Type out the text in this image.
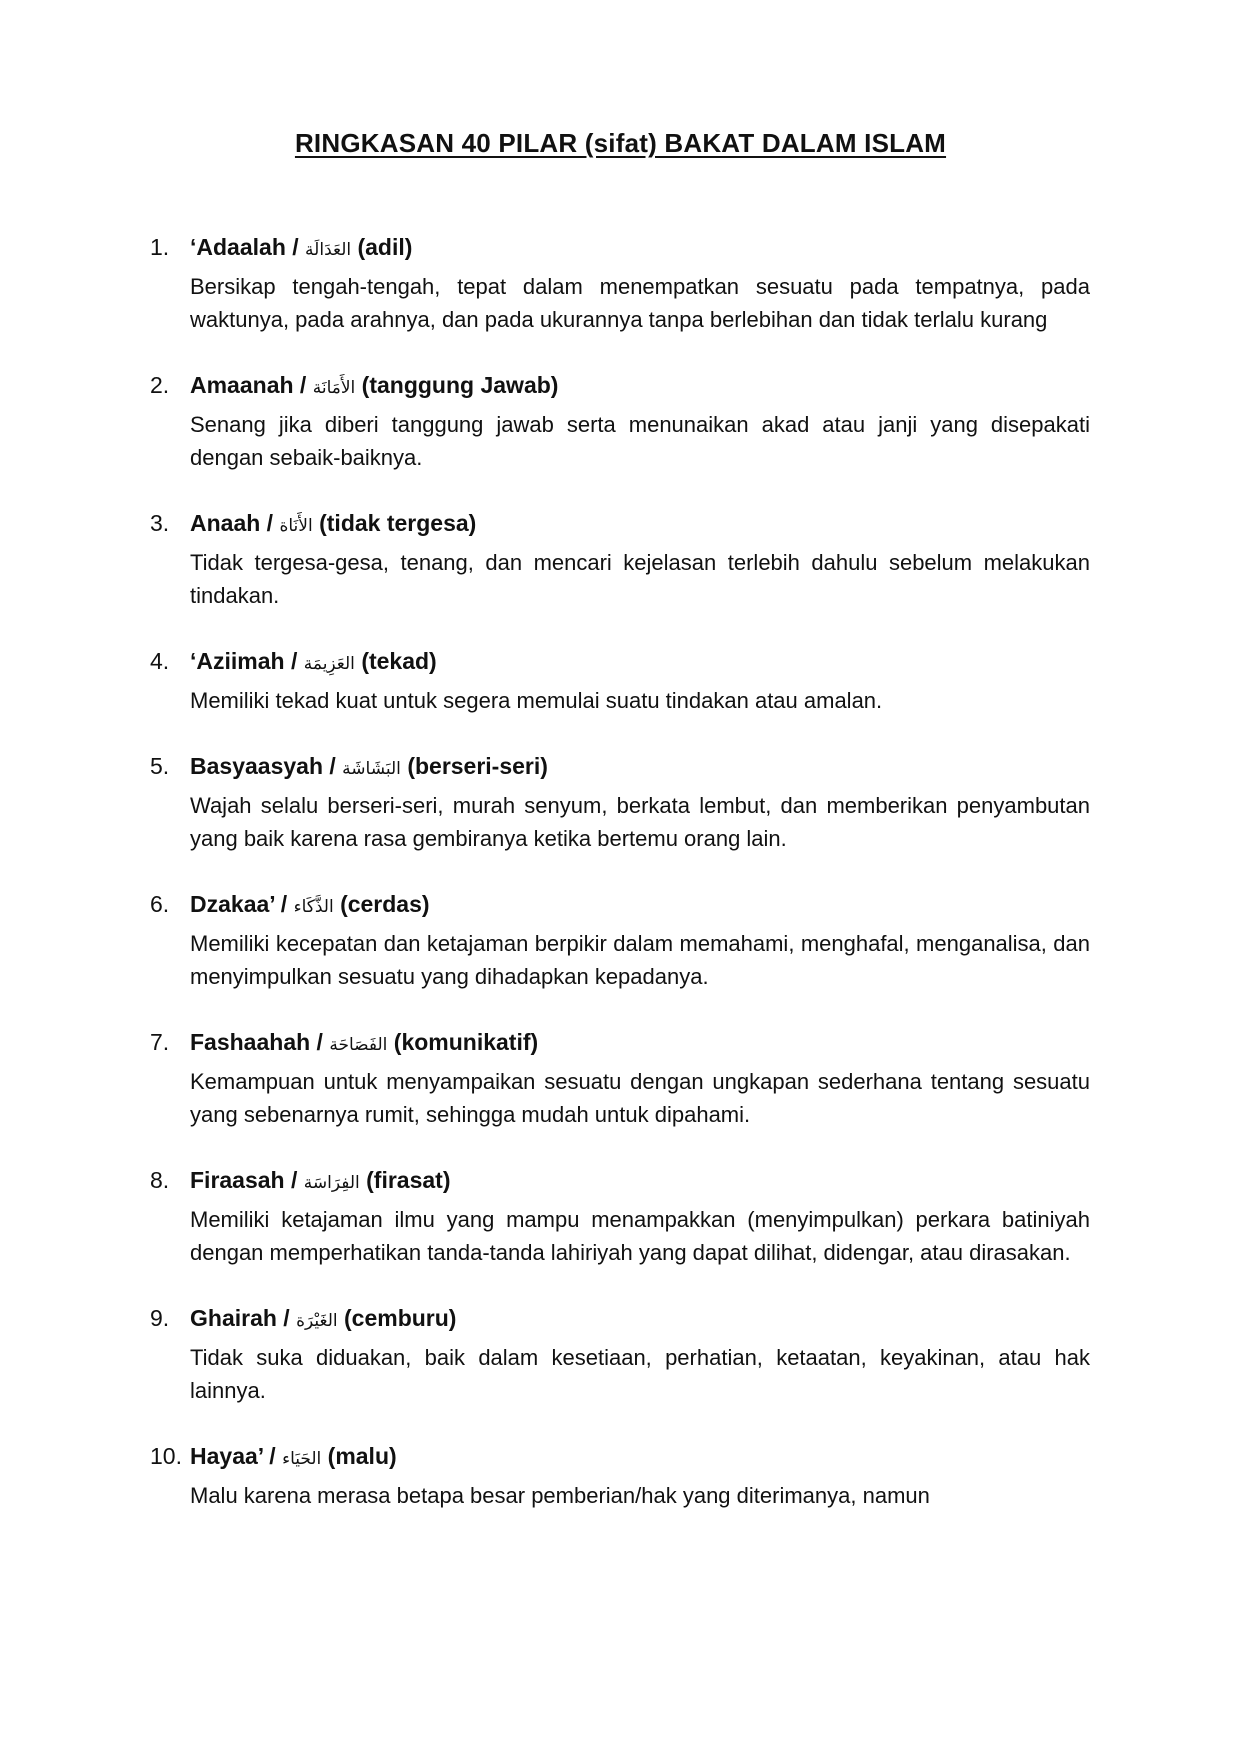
RINGKASAN 40 PILAR (sifat) BAKAT DALAM ISLAM
1. ‘Adaalah / العَدَالَة (adil)
Bersikap tengah-tengah, tepat dalam menempatkan sesuatu pada tempatnya, pada waktunya, pada arahnya, dan pada ukurannya tanpa berlebihan dan tidak terlalu kurang
2. Amaanah / الأَمَانَة (tanggung Jawab)
Senang jika diberi tanggung jawab serta menunaikan akad atau janji yang disepakati dengan sebaik-baiknya.
3. Anaah / الأَنَاة (tidak tergesa)
Tidak tergesa-gesa, tenang, dan mencari kejelasan terlebih dahulu sebelum melakukan tindakan.
4. ‘Aziimah / العَزِيمَة (tekad)
Memiliki tekad kuat untuk segera memulai suatu tindakan atau amalan.
5. Basyaasyah / البَشَاشَة (berseri-seri)
Wajah selalu berseri-seri, murah senyum, berkata lembut, dan memberikan penyambutan yang baik karena rasa gembiranya ketika bertemu orang lain.
6. Dzakaa’ / الذَّكَاء (cerdas)
Memiliki kecepatan dan ketajaman berpikir dalam memahami, menghafal, menganalisa, dan menyimpulkan sesuatu yang dihadapkan kepadanya.
7. Fashaahah / الفَصَاحَة (komunikatif)
Kemampuan untuk menyampaikan sesuatu dengan ungkapan sederhana tentang sesuatu yang sebenarnya rumit, sehingga mudah untuk dipahami.
8. Firaasah / الفِرَاسَة (firasat)
Memiliki ketajaman ilmu yang mampu menampakkan (menyimpulkan) perkara batiniyah dengan memperhatikan tanda-tanda lahiriyah yang dapat dilihat, didengar, atau dirasakan.
9. Ghairah / الغَيْرَة (cemburu)
Tidak suka diduakan, baik dalam kesetiaan, perhatian, ketaatan, keyakinan, atau hak lainnya.
10. Hayaa’ / الحَيَاء (malu)
Malu karena merasa betapa besar pemberian/hak yang diterimanya, namun
